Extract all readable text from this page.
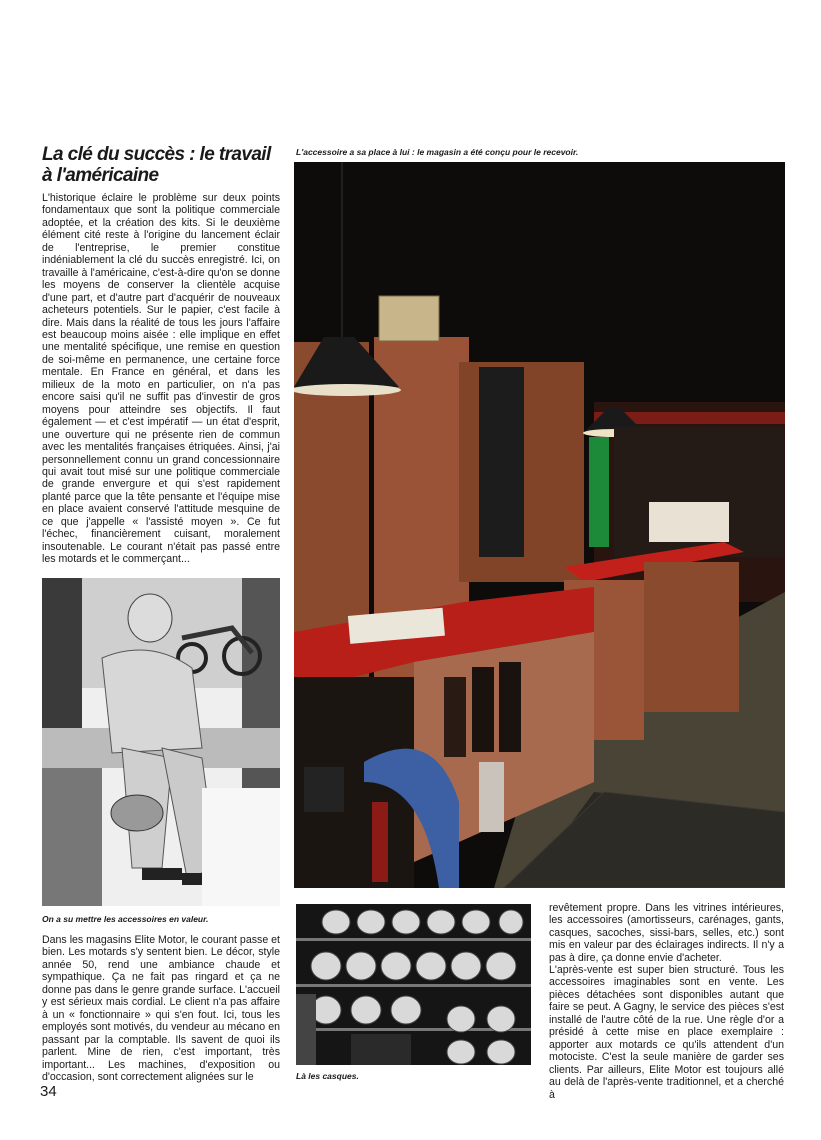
La clé du succès : le travail à l'américaine
L'historique éclaire le problème sur deux points fondamentaux que sont la politique commerciale adoptée, et la création des kits. Si le deuxième élément cité reste à l'origine du lancement éclair de l'entreprise, le premier constitue indéniablement la clé du succès enregistré. Ici, on travaille à l'américaine, c'est-à-dire qu'on se donne les moyens de conserver la clientèle acquise d'une part, et d'autre part d'acquérir de nouveaux acheteurs potentiels. Sur le papier, c'est facile à dire. Mais dans la réalité de tous les jours l'affaire est beaucoup moins aisée : elle implique en effet une mentalité spécifique, une remise en question de soi-même en permanence, une certaine force mentale. En France en général, et dans les milieux de la moto en particulier, on n'a pas encore saisi qu'il ne suffit pas d'investir de gros moyens pour atteindre ses objectifs. Il faut également — et c'est impératif — un état d'esprit, une ouverture qui ne présente rien de commun avec les mentalités françaises étriquées. Ainsi, j'ai personnellement connu un grand concessionnaire qui avait tout misé sur une politique commerciale de grande envergure et qui s'est rapidement planté parce que la tête pensante et l'équipe mise en place avaient conservé l'attitude mesquine de ce que j'appelle « l'assisté moyen ». Ce fut l'échec, financièrement cuisant, moralement insoutenable. Le courant n'était pas passé entre les motards et le commerçant...
On a su mettre les accessoires en valeur.
Dans les magasins Elite Motor, le courant passe et bien. Les motards s'y sentent bien. Le décor, style année 50, rend une ambiance chaude et sympathique. Ça ne fait pas ringard et ça ne donne pas dans le genre grande surface. L'accueil y est sérieux mais cordial. Le client n'a pas affaire à un « fonctionnaire » qui s'en fout. Ici, tous les employés sont motivés, du vendeur au mécano en passant par la comptable. Ils savent de quoi ils parlent. Mine de rien, c'est important, très important... Les machines, d'exposition ou d'occasion, sont correctement alignées sur le
L'accessoire a sa place à lui : le magasin a été conçu pour le recevoir.
Là les casques.
revêtement propre. Dans les vitrines intérieures, les accessoires (amortisseurs, carénages, gants, casques, sacoches, sissi-bars, selles, etc.) sont mis en valeur par des éclairages indirects. Il n'y a pas à dire, ça donne envie d'acheter.
L'après-vente est super bien structuré. Tous les accessoires imaginables sont en vente. Les pièces détachées sont disponibles autant que faire se peut. A Gagny, le service des pièces s'est installé de l'autre côté de la rue. Une règle d'or a présidé à cette mise en place exemplaire : apporter aux motards ce qu'ils attendent d'un motociste. C'est la seule manière de garder ses clients. Par ailleurs, Elite Motor est toujours allé au delà de l'après-vente traditionnel, et a cherché à
34
